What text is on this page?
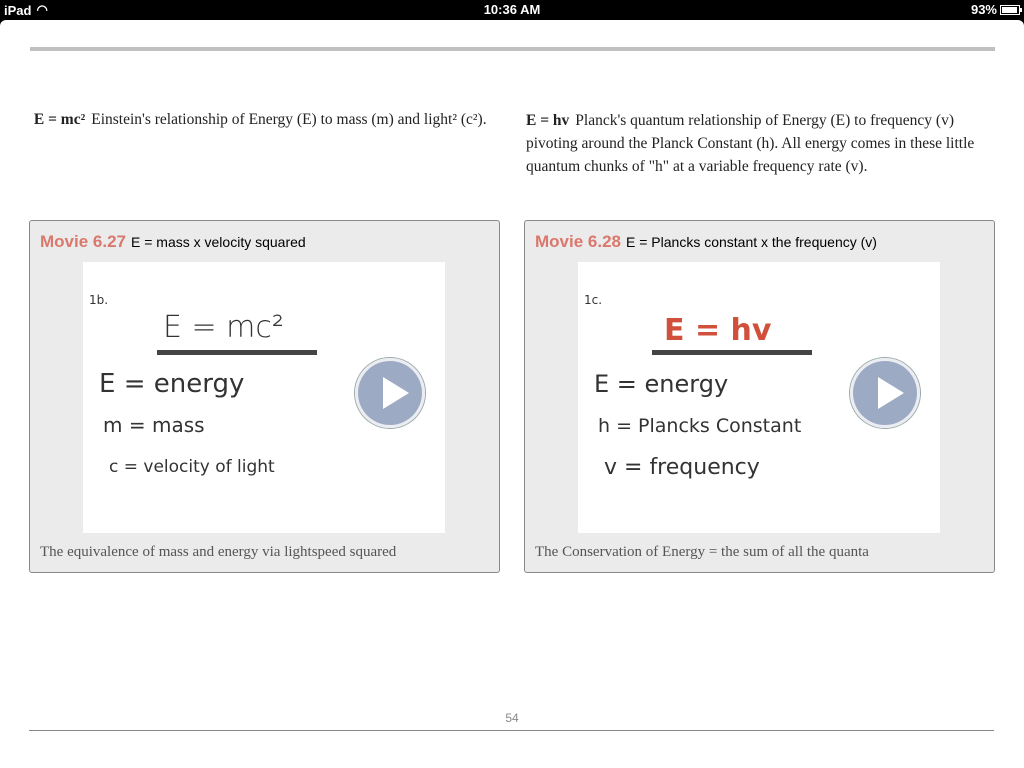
iPad ◠	10:36 AM	93%
E = mc² Einstein's relationship of Energy (E) to mass (m) and light² (c²).	E = hv Planck's quantum relationship of Energy (E) to frequency (v) pivoting around the Planck Constant (h). All energy comes in these little quantum chunks of "h" at a variable frequency rate (v).
Movie 6.27 E = mass x velocity squared
1b.
E = mc²
E = energy
m = mass
c = velocity of light
The equivalence of mass and energy via lightspeed squared
Movie 6.28 E = Plancks constant x the frequency (v)
1c.
E = hv
E = energy
h = Plancks Constant
v = frequency
The Conservation of Energy = the sum of all the quanta
54
